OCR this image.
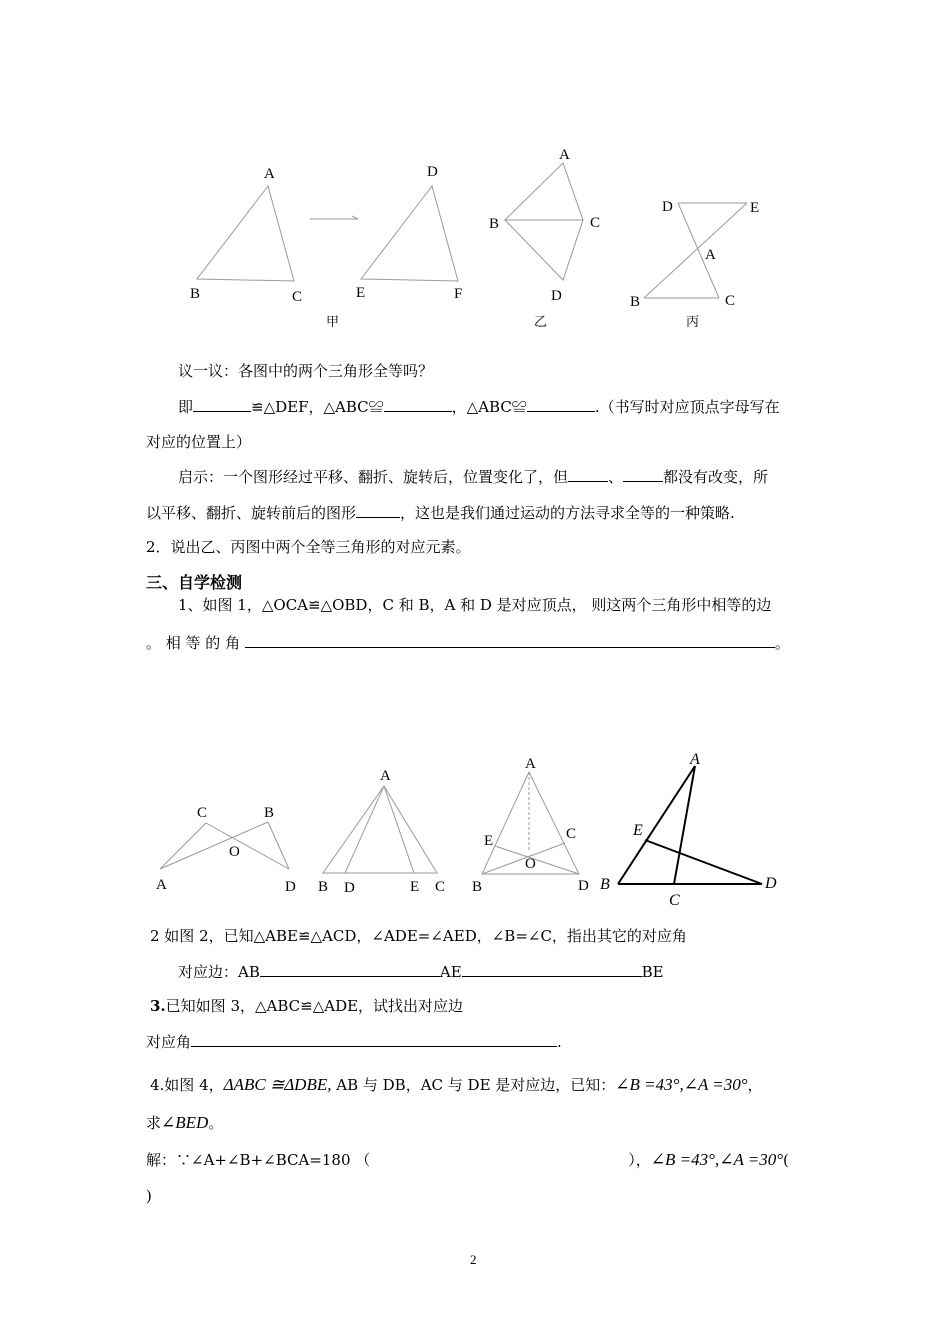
A
B	C
D
E	F
甲
A
B	C
D
乙
D	E
A
B	C
丙
C	B
O
A	D
A
B D	E C
A
E	C
O
B	D
A
E
B	D
C
议一议：各图中的两个三角形全等吗？
即	≌△DEF，△ABC≌	，△ABC≌	.（书写时对应顶点字母写在
对应的位置上）
启示：一个图形经过平移、翻折、旋转后，位置变化了，但	、	都没有改变，所
以平移、翻折、旋转前后的图形	，这也是我们通过运动的方法寻求全等的一种策略.
2．说出乙、丙图中两个全等三角形的对应元素。
三、自学检测
1、如图 1，△OCA≌△OBD，C 和 B，A 和 D 是对应顶点， 则这两个三角形中相等的边
。 相 等 的 角	。
2 如图 2，已知△ABE≌△ACD，∠ADE=∠AED，∠B=∠C，指出其它的对应角
对应边：AB	AE	BE
3.已知如图 3，△ABC≌△ADE，试找出对应边
对应角	.
4.如图 4，ΔABC ≅ΔDBE, AB 与 DB，AC 与 DE 是对应边，已知：∠B =43°,∠A =30°，
求∠BED。
解：∵∠A+∠B+∠BCA=180 （	），∠B =43°,∠A =30°(
)
2
